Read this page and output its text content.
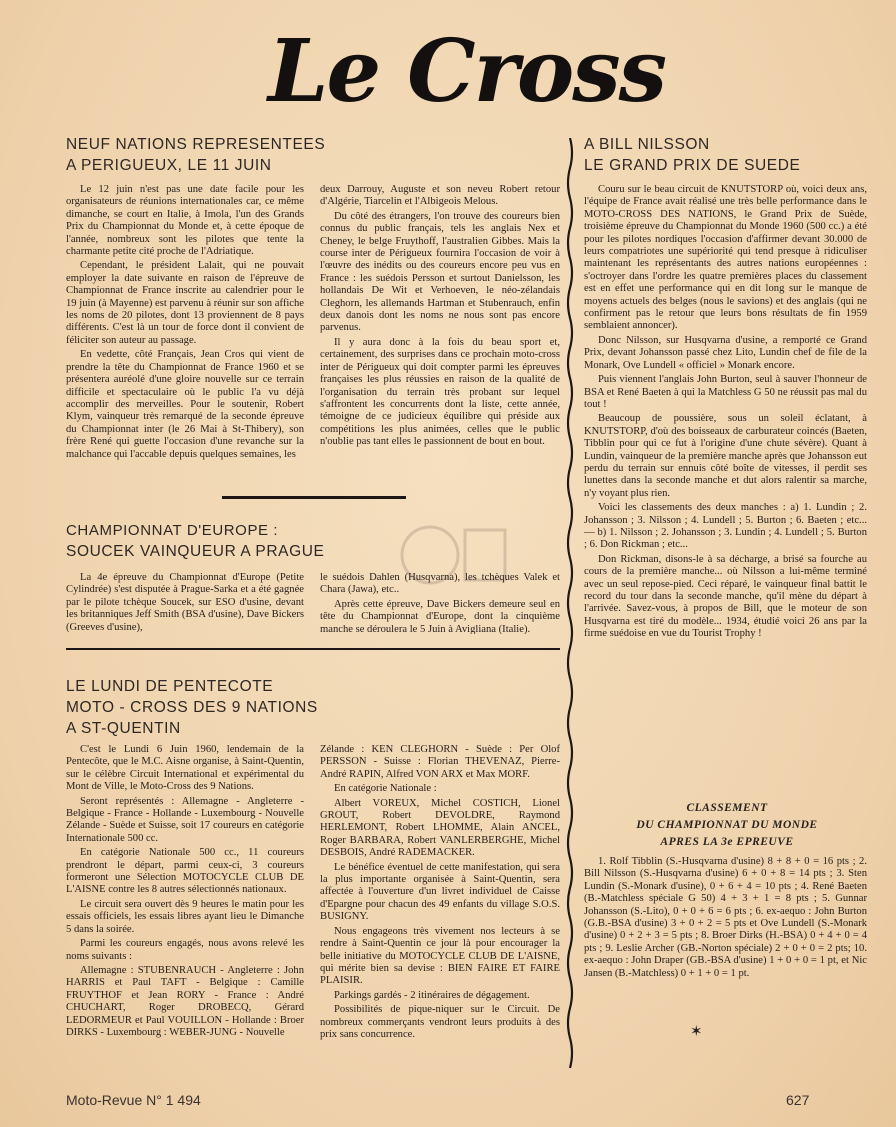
Le Cross
NEUF NATIONS REPRESENTEES
A PERIGUEUX, LE 11 JUIN

Le 12 juin n'est pas une date facile pour les organisateurs de réunions internationales car, ce même dimanche, se court en Italie, à Imola, l'un des Grands Prix du Championnat du Monde et, à cette époque de l'année, nombreux sont les pilotes que tente la charmante petite cité proche de l'Adriatique.

Cependant, le président Lalait, qui ne pouvait employer la date suivante en raison de l'épreuve de Championnat de France inscrite au calendrier pour le 19 juin (à Mayenne) est parvenu à réunir sur son affiche les noms de 20 pilotes, dont 13 proviennent de 8 pays différents. C'est là un tour de force dont il convient de féliciter son auteur au passage.

En vedette, côté Français, Jean Cros qui vient de prendre la tête du Championnat de France 1960 et se présentera auréolé d'une gloire nouvelle sur ce terrain difficile et spectaculaire où le public l'a vu déjà accomplir des merveilles. Pour le soutenir, Robert Klym, vainqueur très remarqué de la seconde épreuve du Championnat inter (le 26 Mai à St-Thibery), son frère René qui guette l'occasion d'une revanche sur la malchance qui l'accable depuis quelques semaines, les

deux Darrouy, Auguste et son neveu Robert retour d'Algérie, Tiarcelin et l'Albigeois Melous.

Du côté des étrangers, l'on trouve des coureurs bien connus du public français, tels les anglais Nex et Cheney, le belge Fruythoff, l'australien Gibbes. Mais la course inter de Périgueux fournira l'occasion de voir à l'œuvre des inédits ou des coureurs encore peu vus en France : les suédois Persson et surtout Danielsson, les hollandais De Wit et Verhoeven, le néo-zélandais Cleghorn, les allemands Hartman et Stubenrauch, enfin deux danois dont les noms ne nous sont pas encore parvenus.

Il y aura donc à la fois du beau sport et, certainement, des surprises dans ce prochain moto-cross inter de Périgueux qui doit compter parmi les épreuves françaises les plus réussies en raison de la qualité de l'organisation du terrain très probant sur lequel s'affrontent les concurrents dont la liste, cette année, témoigne de ce judicieux équilibre qui préside aux compétitions les plus animées, celles que le public n'oublie pas tant elles le passionnent de bout en bout.

CHAMPIONNAT D'EUROPE :
SOUCEK VAINQUEUR A PRAGUE

La 4e épreuve du Championnat d'Europe (Petite Cylindrée) s'est disputée à Prague-Sarka et a été gagnée par le pilote tchèque Soucek, sur ESO d'usine, devant les britanniques Jeff Smith (BSA d'usine), Dave Bickers (Greeves d'usine),

le suédois Dahlen (Husqvarna), les tchèques Valek et Chara (Jawa), etc..

Après cette épreuve, Dave Bickers demeure seul en tête du Championnat d'Europe, dont la cinquième manche se déroulera le 5 Juin à Avigliana (Italie).

LE LUNDI DE PENTECOTE
MOTO - CROSS DES 9 NATIONS
A ST-QUENTIN

C'est le Lundi 6 Juin 1960, lendemain de la Pentecôte, que le M.C. Aisne organise, à Saint-Quentin, sur le célèbre Circuit International et expérimental du Mont de Ville, le Moto-Cross des 9 Nations.

Seront représentés : Allemagne - Angleterre - Belgique - France - Hollande - Luxembourg - Nouvelle Zélande - Suède et Suisse, soit 17 coureurs en catégorie Internationale 500 cc.

En catégorie Nationale 500 cc., 11 coureurs prendront le départ, parmi ceux-ci, 3 coureurs formeront une Sélection MOTOCYCLE CLUB DE L'AISNE contre les 8 autres sélectionnés nationaux.

Le circuit sera ouvert dès 9 heures le matin pour les essais officiels, les essais libres ayant lieu le Dimanche 5 dans la soirée.

Parmi les coureurs engagés, nous avons relevé les noms suivants :

Allemagne : STUBENRAUCH - Angleterre : John HARRIS et Paul TAFT - Belgique : Camille FRUYTHOF et Jean RORY - France : André CHUCHART, Roger DROBECQ, Gérard LEDORMEUR et Paul VOUILLON - Hollande : Broer DIRKS - Luxembourg : WEBER-JUNG - Nouvelle

Zélande : KEN CLEGHORN - Suède : Per Olof PERSSON - Suisse : Florian THEVENAZ, Pierre-André RAPIN, Alfred VON ARX et Max MORF.

En catégorie Nationale :

Albert VOREUX, Michel COSTICH, Lionel GROUT, Robert DEVOLDRE, Raymond HERLEMONT, Robert LHOMME, Alain ANCEL, Roger BARBARA, Robert VANLERBERGHE, Michel DESBOIS, André RADEMACKER.

Le bénéfice éventuel de cette manifestation, qui sera la plus importante organisée à Saint-Quentin, sera affectée à l'ouverture d'un livret individuel de Caisse d'Epargne pour chacun des 49 enfants du village S.O.S. BUSIGNY.

Nous engageons très vivement nos lecteurs à se rendre à Saint-Quentin ce jour là pour encourager la belle initiative du MOTOCYCLE CLUB DE L'AISNE, qui mérite bien sa devise : BIEN FAIRE ET FAIRE PLAISIR.

Parkings gardés - 2 itinéraires de dégagement.

Possibilités de pique-niquer sur le Circuit. De nombreux commerçants vendront leurs produits à des prix sans concurrence.

A BILL NILSSON
LE GRAND PRIX DE SUEDE

Couru sur le beau circuit de KNUTSTORP où, voici deux ans, l'équipe de France avait réalisé une très belle performance dans le MOTO-CROSS DES NATIONS, le Grand Prix de Suède, troisième épreuve du Championnat du Monde 1960 (500 cc.) a été pour les pilotes nordiques l'occasion d'affirmer devant 30.000 de leurs compatriotes une supériorité qui tend presque à ridiculiser maintenant les représentants des autres nations européennes : s'octroyer dans l'ordre les quatre premières places du classement est en effet une performance qui en dit long sur le manque de moyens actuels des belges (nous le savions) et des anglais (qui ne confirment pas le retour que leurs bons résultats de fin 1959 semblaient annoncer).

Donc Nilsson, sur Husqvarna d'usine, a remporté ce Grand Prix, devant Johansson passé chez Lito, Lundin chef de file de la Monark, Ove Lundell « officiel » Monark encore.

Puis viennent l'anglais John Burton, seul à sauver l'honneur de BSA et René Baeten à qui la Matchless G 50 ne réussit pas mal du tout !

Beaucoup de poussière, sous un soleil éclatant, à KNUTSTORP, d'où des boisseaux de carburateur coincés (Baeten, Tibblin pour qui ce fut à l'origine d'une chute sévère). Quant à Lundin, vainqueur de la première manche après que Johansson eut perdu du terrain sur ennuis côté boîte de vitesses, il perdit ses lunettes dans la seconde manche et dut alors ralentir sa marche, n'y voyant plus rien.

Voici les classements des deux manches : a) 1. Lundin ; 2. Johansson ; 3. Nilsson ; 4. Lundell ; 5. Burton ; 6. Baeten ; etc... — b) 1. Nilsson ; 2. Johansson ; 3. Lundin ; 4. Lundell ; 5. Burton ; 6. Don Rickman ; etc...

Don Rickman, disons-le à sa décharge, a brisé sa fourche au cours de la première manche... où Nilsson a lui-même terminé avec un seul repose-pied. Ceci réparé, le vainqueur final battit le record du tour dans la seconde manche, qu'il mène du départ à l'arrivée. Savez-vous, à propos de Bill, que le moteur de son Husqvarna est tiré du modèle... 1934, étudié voici 26 ans par la firme suédoise en vue du Tourist Trophy !

CLASSEMENT
DU CHAMPIONNAT DU MONDE
APRES LA 3e EPREUVE

1. Rolf Tibblin (S.-Husqvarna d'usine) 8 + 8 + 0 = 16 pts ; 2. Bill Nilsson (S.-Husqvarna d'usine) 6 + 0 + 8 = 14 pts ; 3. Sten Lundin (S.-Monark d'usine), 0 + 6 + 4 = 10 pts ; 4. René Baeten (B.-Matchless spéciale G 50) 4 + 3 + 1 = 8 pts ; 5. Gunnar Johansson (S.-Lito), 0 + 0 + 6 = 6 pts ; 6. ex-aequo : John Burton (G.B.-BSA d'usine) 3 + 0 + 2 = 5 pts et Ove Lundell (S.-Monark d'usine) 0 + 2 + 3 = 5 pts ; 8. Broer Dirks (H.-BSA) 0 + 4 + 0 = 4 pts ; 9. Leslie Archer (GB.-Norton spéciale) 2 + 0 + 0 = 2 pts; 10. ex-aequo : John Draper (GB.-BSA d'usine) 1 + 0 + 0 = 1 pt, et Nic Jansen (B.-Matchless) 0 + 1 + 0 = 1 pt.

✶
Moto-Revue N° 1 494	627
